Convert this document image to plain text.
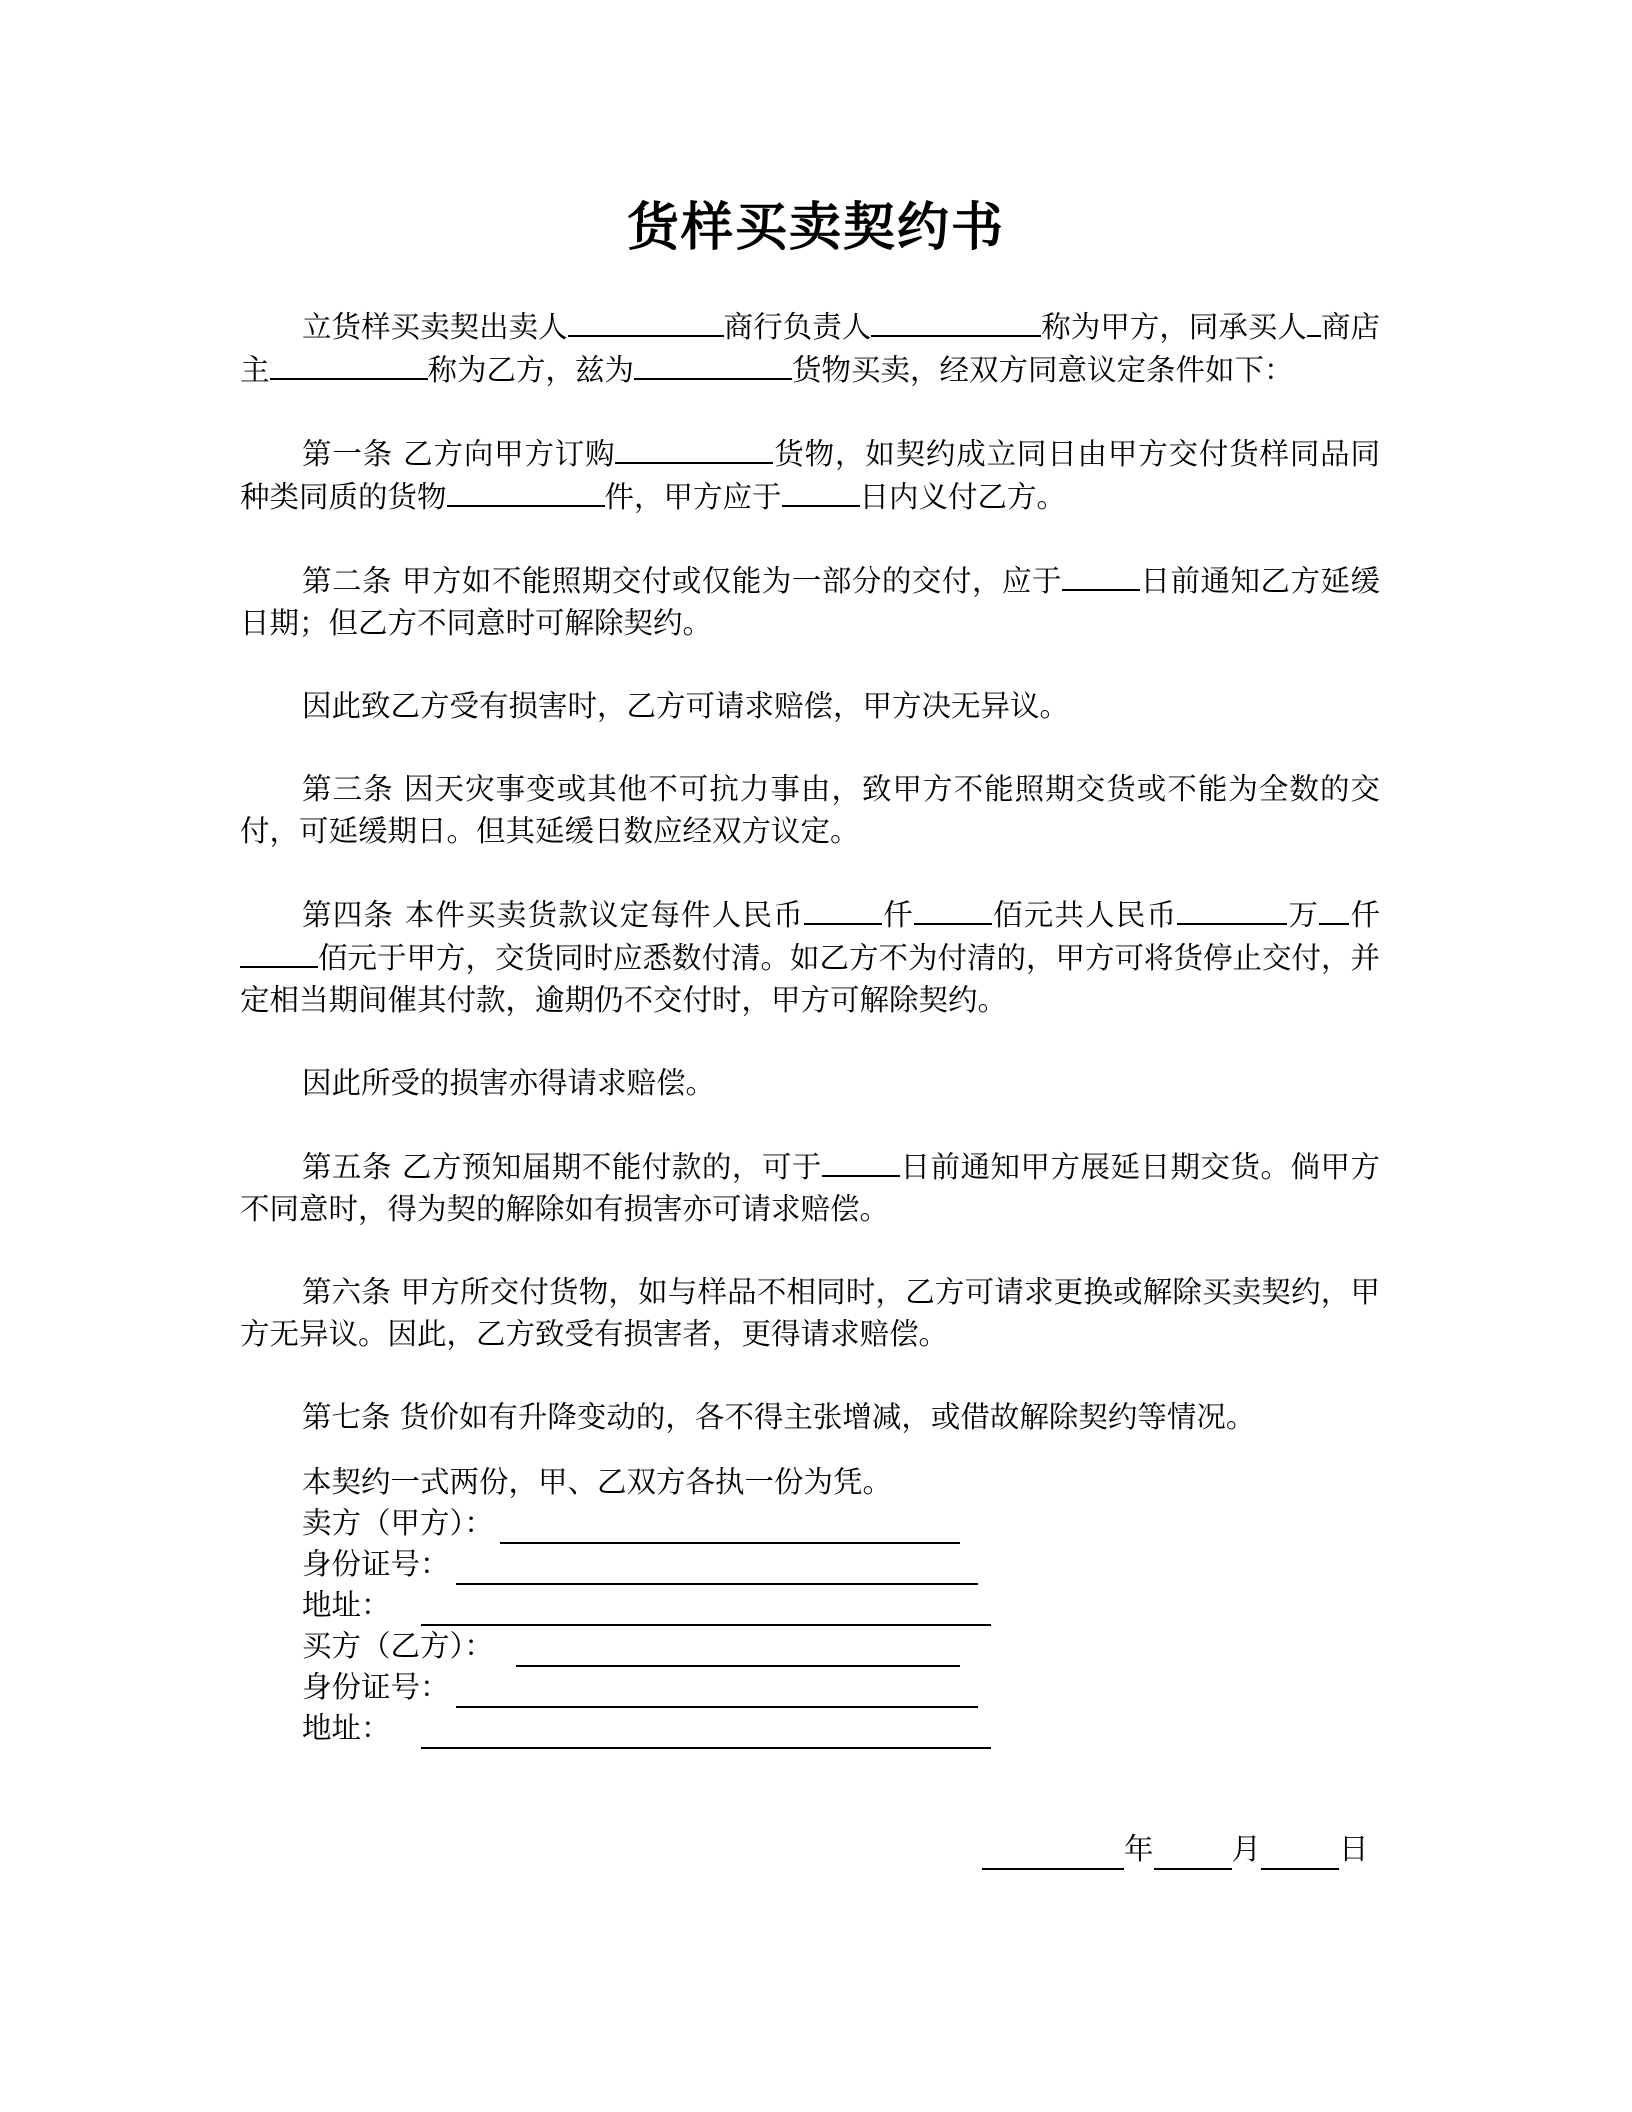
货样买卖契约书

立货样买卖契出卖人	商行负责人	称为甲方，同承买人 商店主	称为乙方，兹为	货物买卖，经双方同意议定条件如下：

第一条 乙方向甲方订购	货物，如契约成立同日由甲方交付货样同品同种类同质的货物	件，甲方应于	日内义付乙方。

第二条 甲方如不能照期交付或仅能为一部分的交付，应于	日前通知乙方延缓日期；但乙方不同意时可解除契约。

因此致乙方受有损害时，乙方可请求赔偿，甲方决无异议。

第三条 因天灾事变或其他不可抗力事由，致甲方不能照期交货或不能为全数的交付，可延缓期日。但其延缓日数应经双方议定。

第四条 本件买卖货款议定每件人民币	仟	佰元共人民币	万 仟佰元于甲方，交货同时应悉数付清。如乙方不为付清的，甲方可将货停止交付，并定相当期间催其付款，逾期仍不交付时，甲方可解除契约。

因此所受的损害亦得请求赔偿。

第五条 乙方预知届期不能付款的，可于	日前通知甲方展延日期交货。倘甲方不同意时，得为契的解除如有损害亦可请求赔偿。

第六条 甲方所交付货物，如与样品不相同时，乙方可请求更换或解除买卖契约，甲方无异议。因此，乙方致受有损害者，更得请求赔偿。

第七条 货价如有升降变动的，各不得主张增减，或借故解除契约等情况。

本契约一式两份，甲、乙双方各执一份为凭。
卖方（甲方）：
身份证号：
地址：
买方（乙方）：
身份证号：
地址：
年	月	日
